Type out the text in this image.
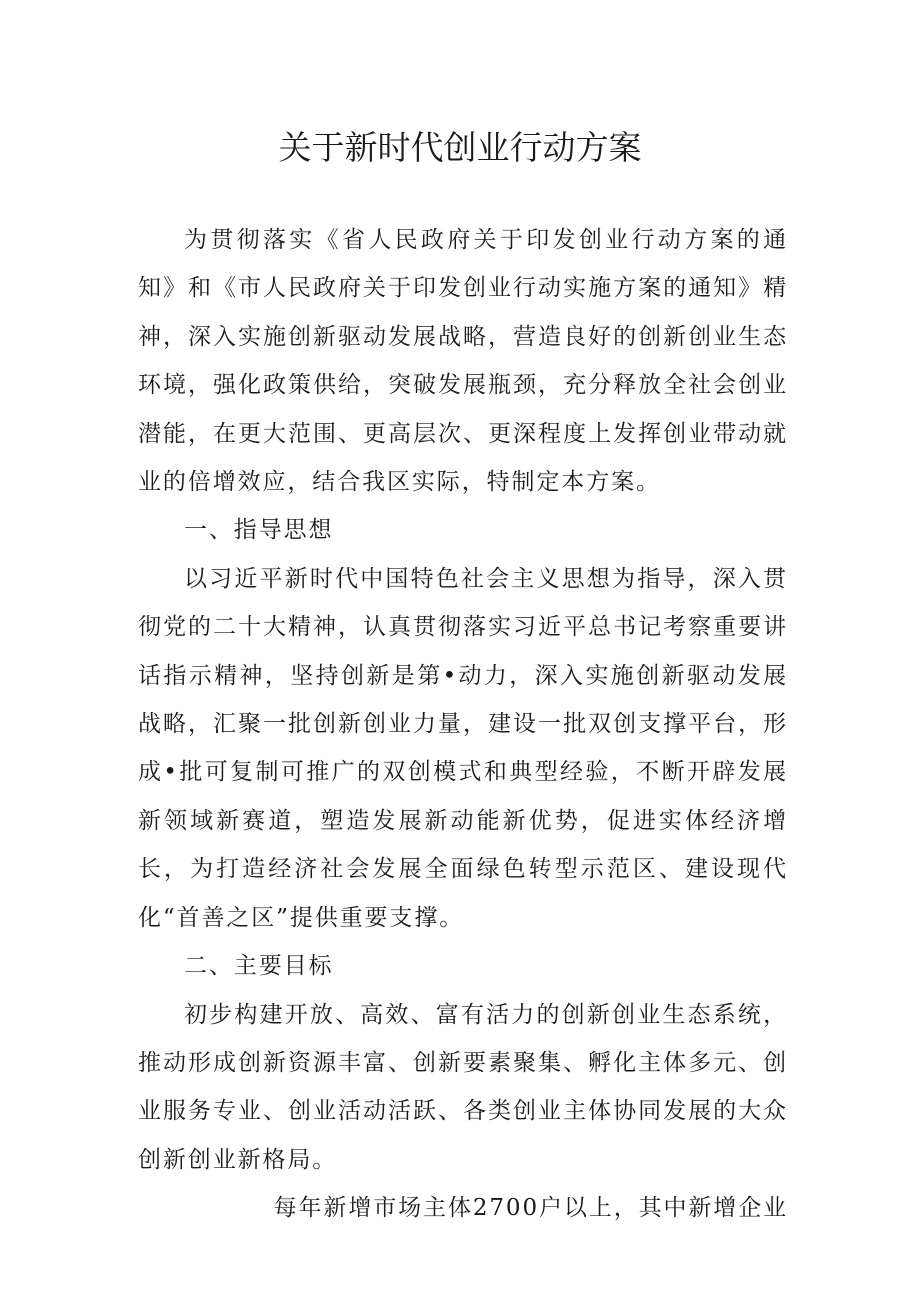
关于新时代创业行动方案

为贯彻落实《省人民政府关于印发创业行动方案的通知》和《市人民政府关于印发创业行动实施方案的通知》精神，深入实施创新驱动发展战略，营造良好的创新创业生态环境，强化政策供给，突破发展瓶颈，充分释放全社会创业潜能，在更大范围、更高层次、更深程度上发挥创业带动就业的倍增效应，结合我区实际，特制定本方案。

一、指导思想

以习近平新时代中国特色社会主义思想为指导，深入贯彻党的二十大精神，认真贯彻落实习近平总书记考察重要讲话指示精神，坚持创新是第•动力，深入实施创新驱动发展战略，汇聚一批创新创业力量，建设一批双创支撑平台，形成•批可复制可推广的双创模式和典型经验，不断开辟发展新领域新赛道，塑造发展新动能新优势，促进实体经济增长，为打造经济社会发展全面绿色转型示范区、建设现代化“首善之区”提供重要支撑。

二、主要目标

初步构建开放、高效、富有活力的创新创业生态系统，推动形成创新资源丰富、创新要素聚集、孵化主体多元、创业服务专业、创业活动活跃、各类创业主体协同发展的大众创新创业新格局。

每年新增市场主体2700户以上，其中新增企业
